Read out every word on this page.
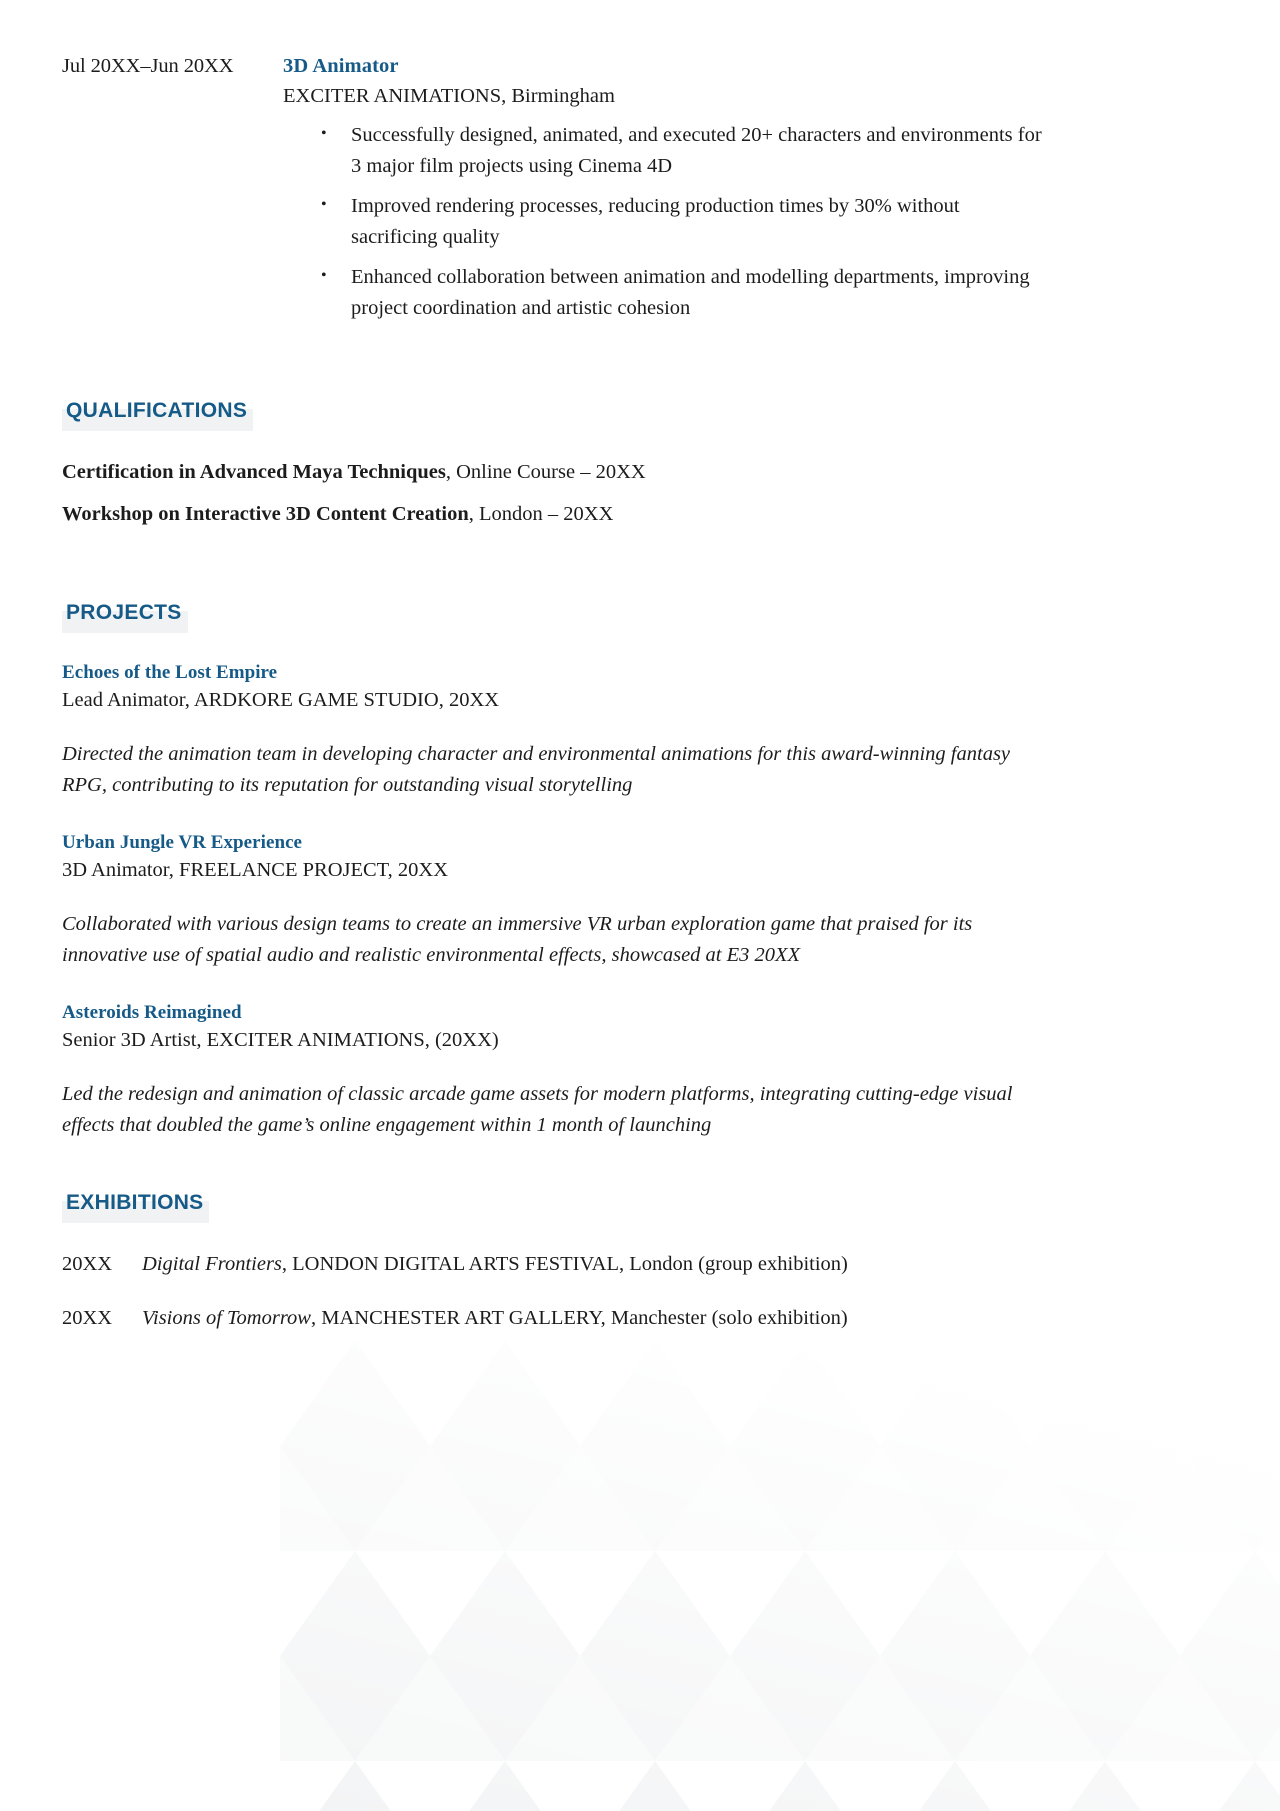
Jul 20XX–Jun 20XX	3D Animator
EXCITER ANIMATIONS, Birmingham
• Successfully designed, animated, and executed 20+ characters and environments for 3 major film projects using Cinema 4D
• Improved rendering processes, reducing production times by 30% without sacrificing quality
• Enhanced collaboration between animation and modelling departments, improving project coordination and artistic cohesion
QUALIFICATIONS
Certification in Advanced Maya Techniques, Online Course – 20XX
Workshop on Interactive 3D Content Creation, London – 20XX
PROJECTS
Echoes of the Lost Empire
Lead Animator, ARDKORE GAME STUDIO, 20XX
Directed the animation team in developing character and environmental animations for this award-winning fantasy RPG, contributing to its reputation for outstanding visual storytelling
Urban Jungle VR Experience
3D Animator, FREELANCE PROJECT, 20XX
Collaborated with various design teams to create an immersive VR urban exploration game that praised for its innovative use of spatial audio and realistic environmental effects, showcased at E3 20XX
Asteroids Reimagined
Senior 3D Artist, EXCITER ANIMATIONS, (20XX)
Led the redesign and animation of classic arcade game assets for modern platforms, integrating cutting-edge visual effects that doubled the game’s online engagement within 1 month of launching
EXHIBITIONS
20XX	Digital Frontiers, LONDON DIGITAL ARTS FESTIVAL, London (group exhibition)
20XX	Visions of Tomorrow, MANCHESTER ART GALLERY, Manchester (solo exhibition)
